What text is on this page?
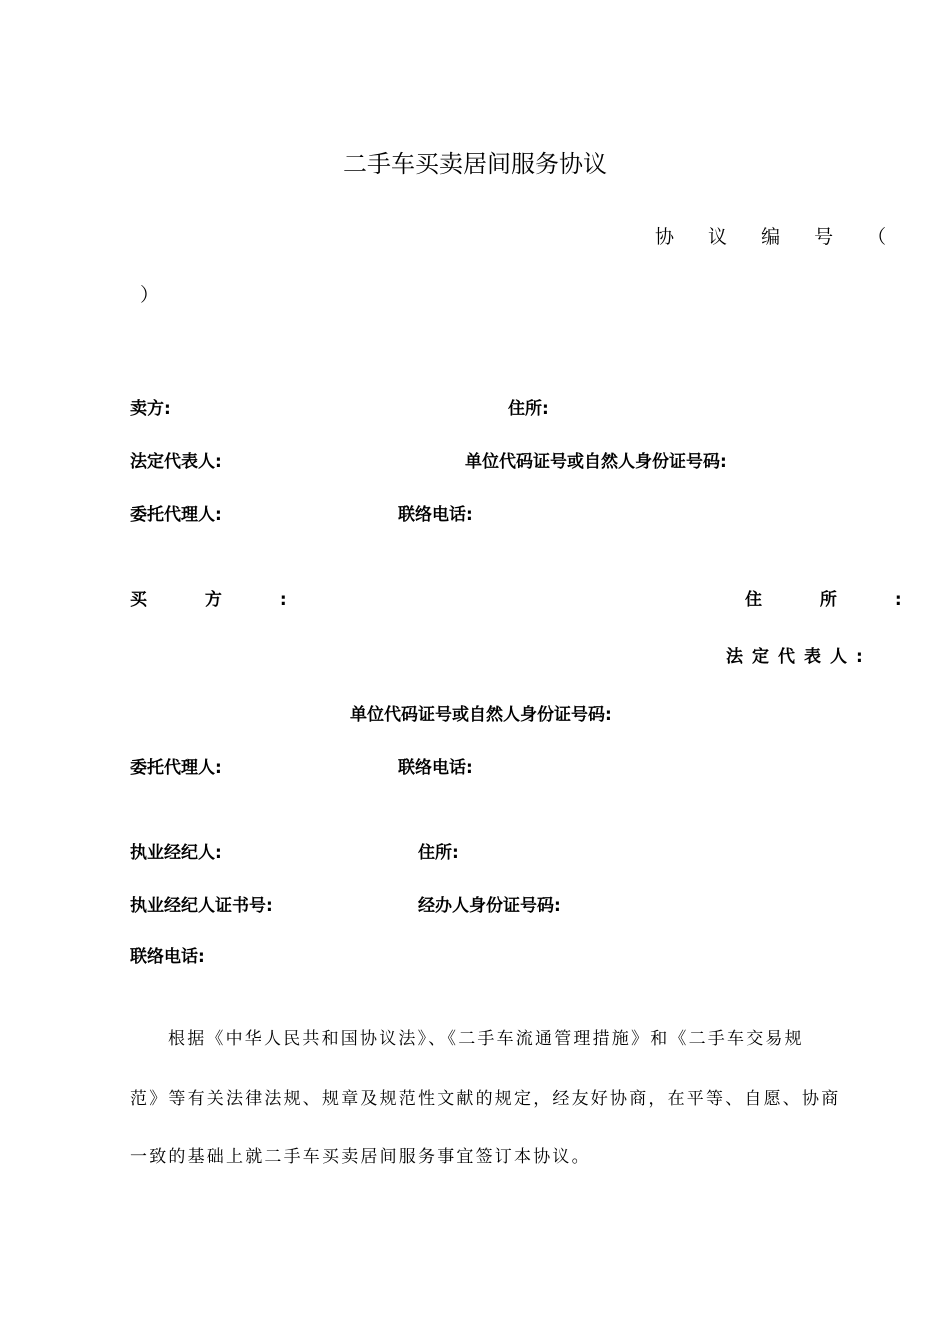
二手车买卖居间服务协议
协 议 编 号 （
）
卖方:	住所:
法定代表人:	单位代码证号或自然人身份证号码:
委托代理人:	联络电话:
买 方 :	住 所 :
法定代表人:
单位代码证号或自然人身份证号码:
委托代理人:	联络电话:
执业经纪人:	住所:
执业经纪人证书号:	经办人身份证号码:
联络电话:
根据《中华人民共和国协议法》、《二手车流通管理措施》和《二手车交易规
范》等有关法律法规、规章及规范性文献的规定，经友好协商，在平等、自愿、协商
一致的基础上就二手车买卖居间服务事宜签订本协议。
